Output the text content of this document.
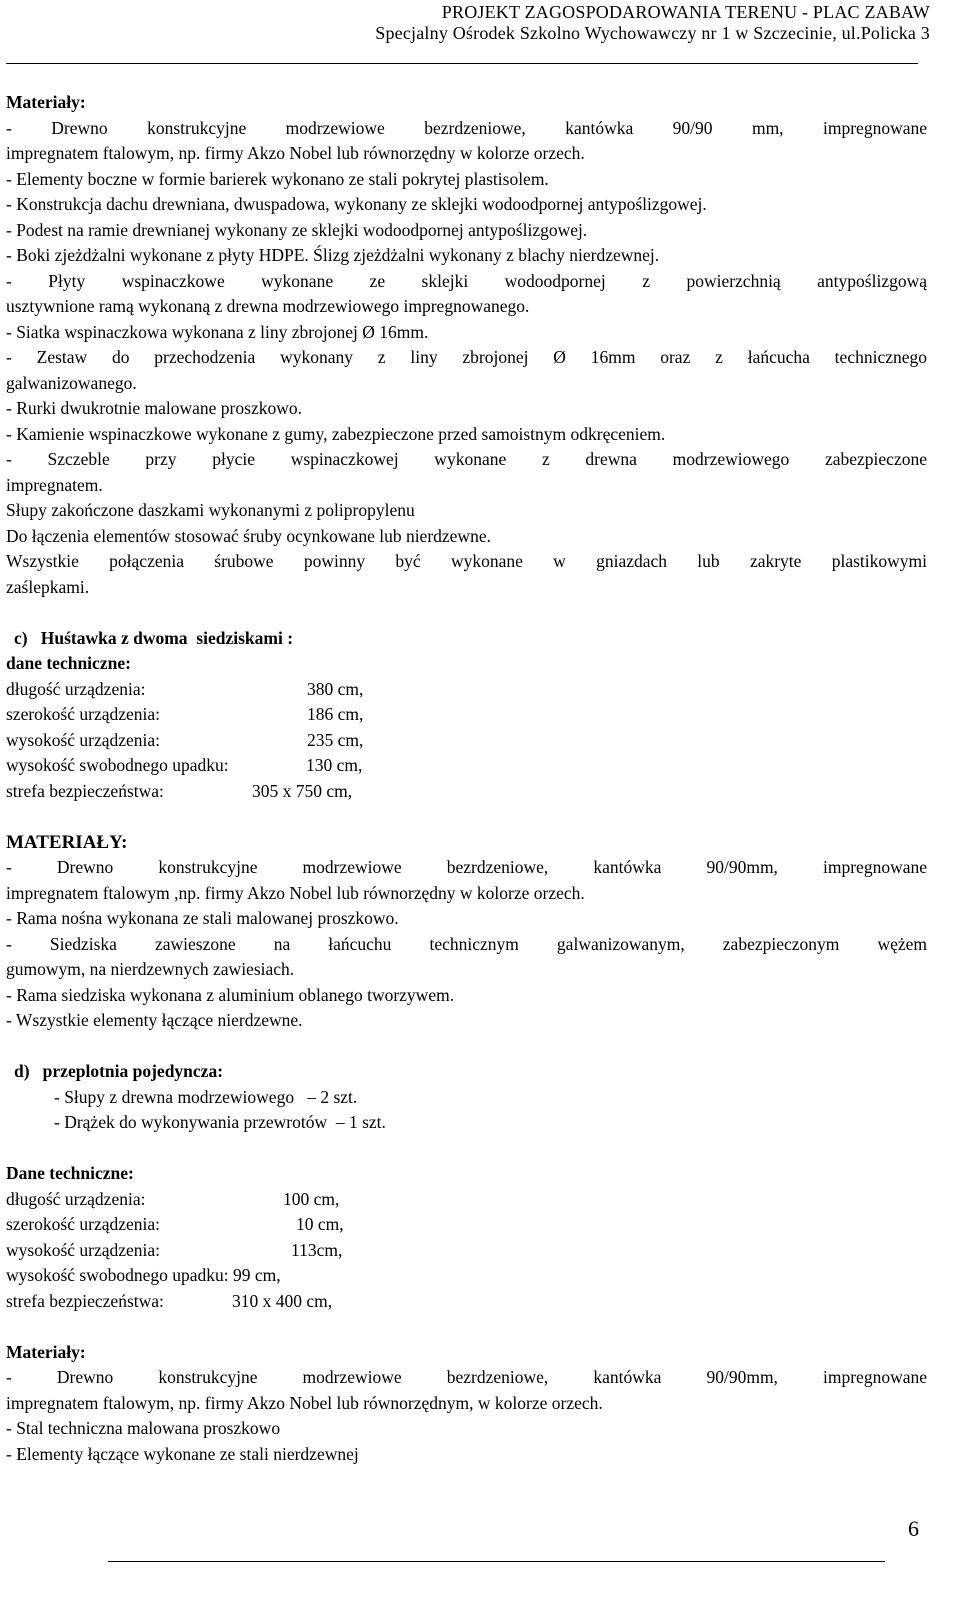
PROJEKT ZAGOSPODAROWANIA TERENU - PLAC ZABAW
Specjalny Ośrodek Szkolno Wychowawczy nr 1 w Szczecinie, ul.Policka 3
Materiały:
- Drewno konstrukcyjne modrzewiowe bezrdzeniowe, kantówka 90/90 mm, impregnowane
impregnatem ftalowym, np. firmy Akzo Nobel lub równorzędny w kolorze orzech.
- Elementy boczne w formie barierek wykonano ze stali pokrytej plastisolem.
- Konstrukcja dachu drewniana, dwuspadowa, wykonany ze sklejki wodoodpornej antypoślizgowej.
- Podest na ramie drewnianej wykonany ze sklejki wodoodpornej antypoślizgowej.
- Boki zjeżdżalni wykonane z płyty HDPE. Ślizg zjeżdżalni wykonany z blachy nierdzewnej.
- Płyty wspinaczkowe wykonane ze sklejki wodoodpornej z powierzchnią antypoślizgową
usztywnione ramą wykonaną z drewna modrzewiowego impregnowanego.
- Siatka wspinaczkowa wykonana z liny zbrojonej Ø 16mm.
- Zestaw do przechodzenia wykonany z liny zbrojonej Ø 16mm oraz z łańcucha technicznego
galwanizowanego.
- Rurki dwukrotnie malowane proszkowo.
- Kamienie wspinaczkowe wykonane z gumy, zabezpieczone przed samoistnym odkręceniem.
- Szczeble przy płycie wspinaczkowej wykonane z drewna modrzewiowego zabezpieczone
impregnatem.
Słupy zakończone daszkami wykonanymi z polipropylenu
Do łączenia elementów stosować śruby ocynkowane lub nierdzewne.
Wszystkie połączenia śrubowe powinny być wykonane w gniazdach lub zakryte plastikowymi
zaślepkami.
c)   Huśtawka z dwoma  siedziskami :
dane techniczne:
długość urządzenia:	380 cm,
szerokość urządzenia:	186 cm,
wysokość urządzenia:	235 cm,
wysokość swobodnego upadku:	130 cm,
strefa bezpieczeństwa:	305 x 750 cm,
MATERIAŁY:
- Drewno konstrukcyjne modrzewiowe bezrdzeniowe, kantówka 90/90mm, impregnowane
impregnatem ftalowym ,np. firmy Akzo Nobel lub równorzędny w kolorze orzech.
- Rama nośna wykonana ze stali malowanej proszkowo.
- Siedziska zawieszone na łańcuchu technicznym galwanizowanym, zabezpieczonym wężem
gumowym, na nierdzewnych zawiesiach.
- Rama siedziska wykonana z aluminium oblanego tworzywem.
- Wszystkie elementy łączące nierdzewne.
d)   przeplotnia pojedyncza:
- Słupy z drewna modrzewiowego   – 2 szt.
- Drążek do wykonywania przewrotów  – 1 szt.
Dane techniczne:
długość urządzenia:	100 cm,
szerokość urządzenia:	10 cm,
wysokość urządzenia:	113cm,
wysokość swobodnego upadku: 99 cm,
strefa bezpieczeństwa:	310 x 400 cm,
Materiały:
- Drewno konstrukcyjne modrzewiowe bezrdzeniowe, kantówka 90/90mm, impregnowane
impregnatem ftalowym, np. firmy Akzo Nobel lub równorzędnym, w kolorze orzech.
- Stal techniczna malowana proszkowo
- Elementy łączące wykonane ze stali nierdzewnej
6
